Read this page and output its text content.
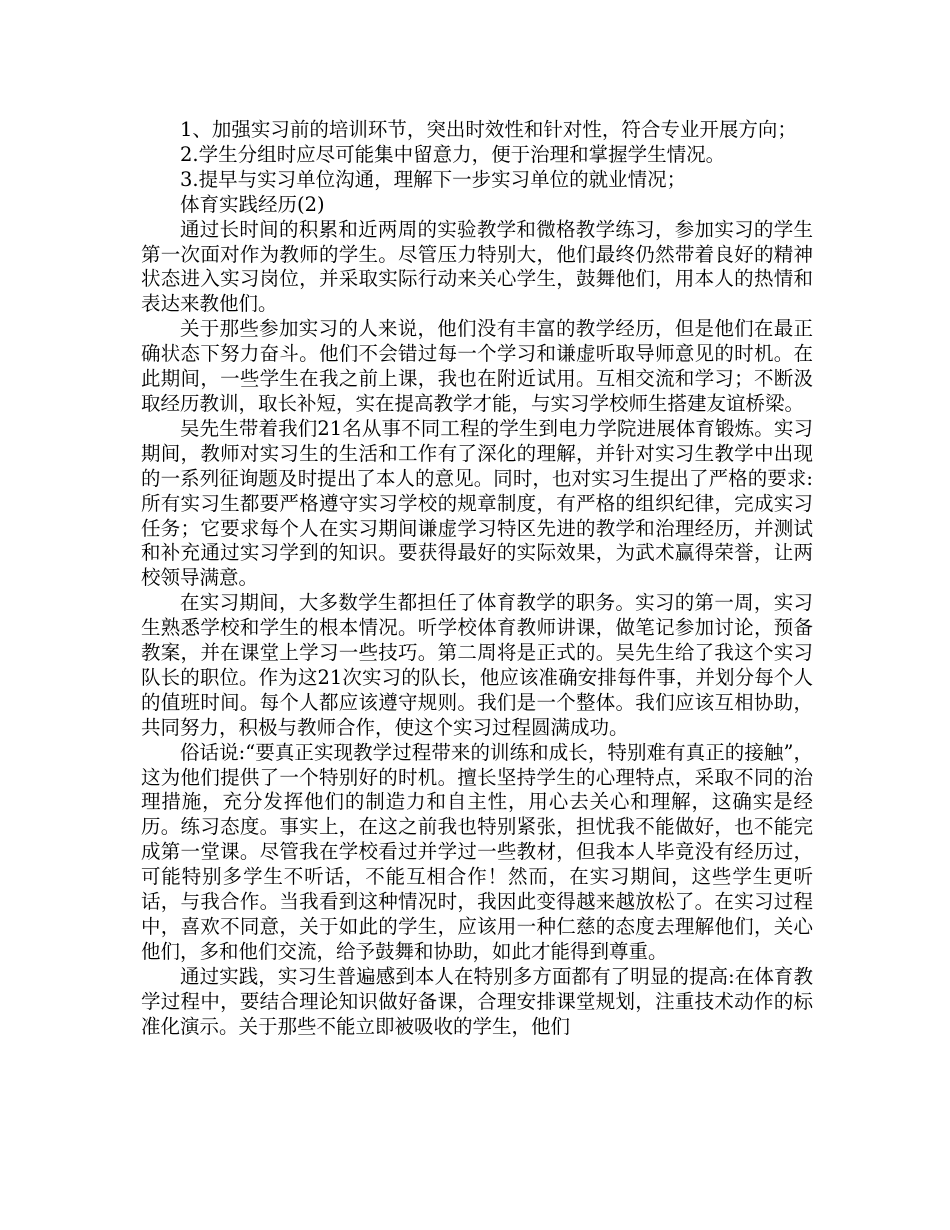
1、加强实习前的培训环节，突出时效性和针对性，符合专业开展方向；

2.学生分组时应尽可能集中留意力，便于治理和掌握学生情况。

3.提早与实习单位沟通，理解下一步实习单位的就业情况；

体育实践经历(2)

通过长时间的积累和近两周的实验教学和微格教学练习，参加实习的学生第一次面对作为教师的学生。尽管压力特别大，他们最终仍然带着良好的精神状态进入实习岗位，并采取实际行动来关心学生，鼓舞他们，用本人的热情和表达来教他们。

关于那些参加实习的人来说，他们没有丰富的教学经历，但是他们在最正确状态下努力奋斗。他们不会错过每一个学习和谦虚听取导师意见的时机。在此期间，一些学生在我之前上课，我也在附近试用。互相交流和学习；不断汲取经历教训，取长补短，实在提高教学才能，与实习学校师生搭建友谊桥梁。

吴先生带着我们21名从事不同工程的学生到电力学院进展体育锻炼。实习期间，教师对实习生的生活和工作有了深化的理解，并针对实习生教学中出现的一系列征询题及时提出了本人的意见。同时，也对实习生提出了严格的要求:所有实习生都要严格遵守实习学校的规章制度，有严格的组织纪律，完成实习任务；它要求每个人在实习期间谦虚学习特区先进的教学和治理经历，并测试和补充通过实习学到的知识。要获得最好的实际效果，为武术赢得荣誉，让两校领导满意。

在实习期间，大多数学生都担任了体育教学的职务。实习的第一周，实习生熟悉学校和学生的根本情况。听学校体育教师讲课，做笔记参加讨论，预备教案，并在课堂上学习一些技巧。第二周将是正式的。吴先生给了我这个实习队长的职位。作为这21次实习的队长，他应该准确安排每件事，并划分每个人的值班时间。每个人都应该遵守规则。我们是一个整体。我们应该互相协助，共同努力，积极与教师合作，使这个实习过程圆满成功。

俗话说:“要真正实现教学过程带来的训练和成长，特别难有真正的接触”，这为他们提供了一个特别好的时机。擅长坚持学生的心理特点，采取不同的治理措施，充分发挥他们的制造力和自主性，用心去关心和理解，这确实是经历。练习态度。事实上，在这之前我也特别紧张，担忧我不能做好，也不能完成第一堂课。尽管我在学校看过并学过一些教材，但我本人毕竟没有经历过，可能特别多学生不听话，不能互相合作！然而，在实习期间，这些学生更听话，与我合作。当我看到这种情况时，我因此变得越来越放松了。在实习过程中，喜欢不同意，关于如此的学生，应该用一种仁慈的态度去理解他们，关心他们，多和他们交流，给予鼓舞和协助，如此才能得到尊重。

通过实践，实习生普遍感到本人在特别多方面都有了明显的提高:在体育教学过程中，要结合理论知识做好备课，合理安排课堂规划，注重技术动作的标准化演示。关于那些不能立即被吸收的学生，他们
